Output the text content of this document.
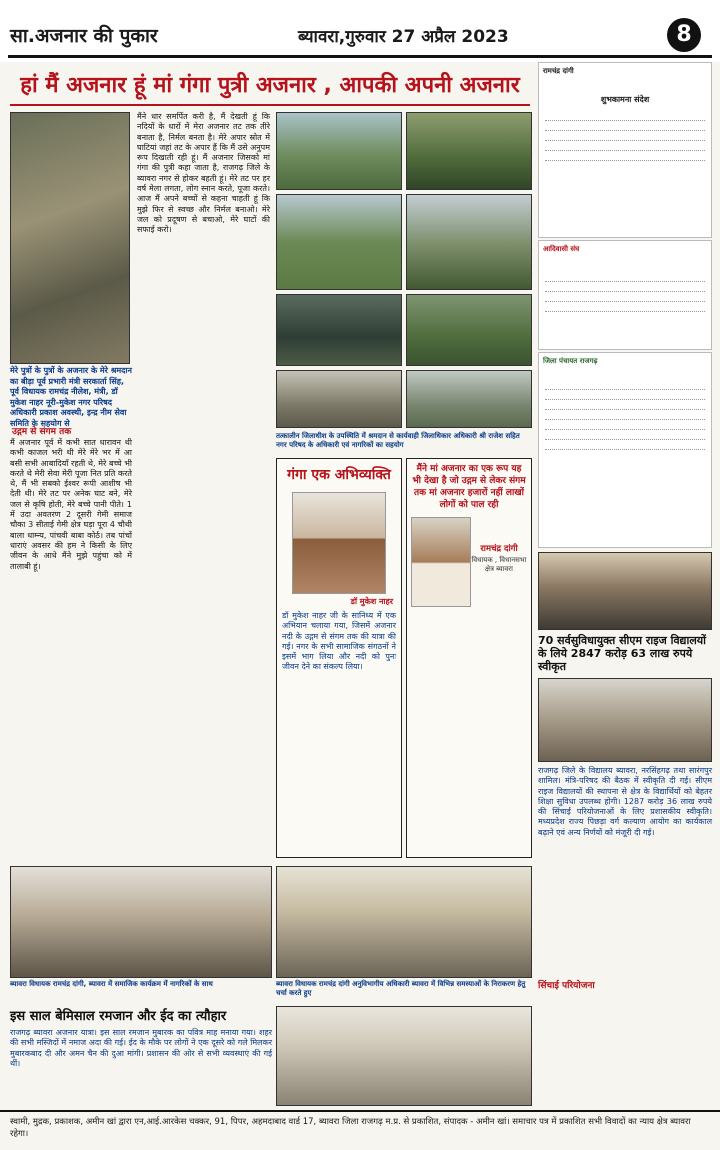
सा.अजनार की पुकार	ब्यावरा,गुरुवार 27 अप्रैल 2023	8
हां मैं अजनार हूं मां गंगा पुत्री अजनार , आपकी अपनी अजनार
मेरे पुत्रों के पुत्रों के अजनार के मेरे श्रमदान का बीड़ा पूर्व प्रभारी मंत्री सरकार्ता सिंह, पूर्व विधायक रामचंद्र नीलेश, मंत्री, डॉ मुकेश नाहर नूरी-मुकेश नगर परिषद अधिकारी प्रकाश अवस्थी, इन्द्र नीम सेवा समिति के सहयोग से
उद्गम से संगम तक
मैं अजनार पूर्व में कभी सात धारावन थी कभी काजल भरी थी मेरे मेरे भर में आ बसी सभी आबादियाँ रहती थे, मेरे बच्चे भी करते थे मेरी सेवा मेरी पूजा नित प्रति करते थे, मैं भी सबको ईश्वर रूपी आशीष भी देती थी। मेरे तट पर अनेक घाट बने, मेरे जल से कृषि होती, मेरे बच्चे पानी पीते। 1 में उदा अवतरण 2 दूसरी गेमी समाज चौका 3 सीताई गेमी क्षेत्र घड़ा पूरा 4 चौथी बाला धाम्‍न्‍य, पांचवी बाबा कोर्ठ। तब पांचों धाराएं अवसर की हम ने किसी के लिए जीवन के आधे मैंने मुझे पहुंचा को में तालाबी हूं।
मैंने धार समर्पित करी है, मैं देखती हूं कि नदियों के धारों में मेरा अजनार तट तक तीरे बनाता है, निर्मल बनता है। मेरे अपार स्रोत में घाटियां जहां तट के अपार हैं कि मैं उसे अनुपम रूप दिखाती रही हूं। मैं अजनार जिसको मां गंगा की पुत्री कहा जाता है, राजगढ़ जिले के ब्यावरा नगर से होकर बहती हूं। मेरे तट पर हर वर्ष मेला लगता, लोग स्नान करते, पूजा करते। आज मैं अपने बच्चों से कहना चाहती हूं कि मुझे फिर से स्वच्छ और निर्मल बनाओ। मेरे जल को प्रदूषण से बचाओ, मेरे घाटों की सफाई करो।
तत्कालीन जिलाधीश के उपस्थिति में श्रमदान से कार्यवाही जिलाधिकार अधिकारी श्री राजेश सहित नगर परिषद के अधिकारी एवं नागरिकों का सहयोग
गंगा एक अभिव्यक्ति
डॉ मुकेश नाहर
डॉ मुकेश नाहर जी के सानिध्य में एक अभियान चलाया गया, जिसमें अजनार नदी के उद्गम से संगम तक की यात्रा की गई। नगर के सभी सामाजिक संगठनों ने इसमें भाग लिया और नदी को पुनः जीवन देने का संकल्प लिया।
मैंने मां अजनार का एक रूप यह भी देखा है जो उद्गम से लेकर संगम तक मां अजनार हजारों नहीं लाखों लोगों को पाल रही
रामचंद्र दांगी
विधायक , विधानसभा क्षेत्र ब्यावरा
रामचंद्र दांगी
शुभकामना संदेश
आदिवासी संघ
जिला पंचायत राजगढ़
70 सर्वसुविधायुक्त सीएम राइज विद्यालयों के लिये 2847 करोड़ 63 लाख रुपये स्वीकृत
राजगढ़ जिले के विद्यालय ब्यावरा, नरसिंहगढ़ तथा सारंगपुर शामिल। मंत्रि-परिषद की बैठक में स्वीकृति दी गई। सीएम राइज विद्यालयों की स्थापना से क्षेत्र के विद्यार्थियों को बेहतर शिक्षा सुविधा उपलब्ध होगी। 1287 करोड़ 36 लाख रुपये की सिंचाई परियोजनाओं के लिए प्रशासकीय स्वीकृति। मध्यप्रदेश राज्य पिछड़ा वर्ग कल्याण आयोग का कार्यकाल बढ़ाने एवं अन्य निर्णयों को मंजूरी दी गई।
सिंचाई परियोजना
ब्यावरा विधायक रामचंद्र दांगी, ब्यावरा में समाजिक कार्यक्रम में नागरिकों के साथ	ब्यावरा विधायक रामचंद्र दांगी अनुविभागीय अधिकारी ब्यावरा में विभिन्न समस्याओं के निराकरण हेतु चर्चा करते हुए
इस साल बेमिसाल रमजान और ईद का त्यौहार
राजगढ़ ब्यावरा अजनार यात्रा। इस साल रमजान मुबारक का पवित्र माह मनाया गया। शहर की सभी मस्जिदों में नमाज अदा की गई। ईद के मौके पर लोगों ने एक दूसरे को गले मिलकर मुबारकबाद दी और अमन चैन की दुआ मांगी। प्रशासन की ओर से सभी व्यवस्थाएं की गई थीं।
स्वामी, मुद्रक, प्रकाशक, अमीन खां द्वारा एन,आई.आरकेस चक्कर, 91, पिपर, अहमदाबाद वार्ड 17, ब्यावरा जिला राजगढ़ म.प्र. से प्रकाशित, संपादक - अमीन खां। समाचार पत्र में प्रकाशित सभी विवादों का न्याय क्षेत्र ब्यावरा रहेगा।
